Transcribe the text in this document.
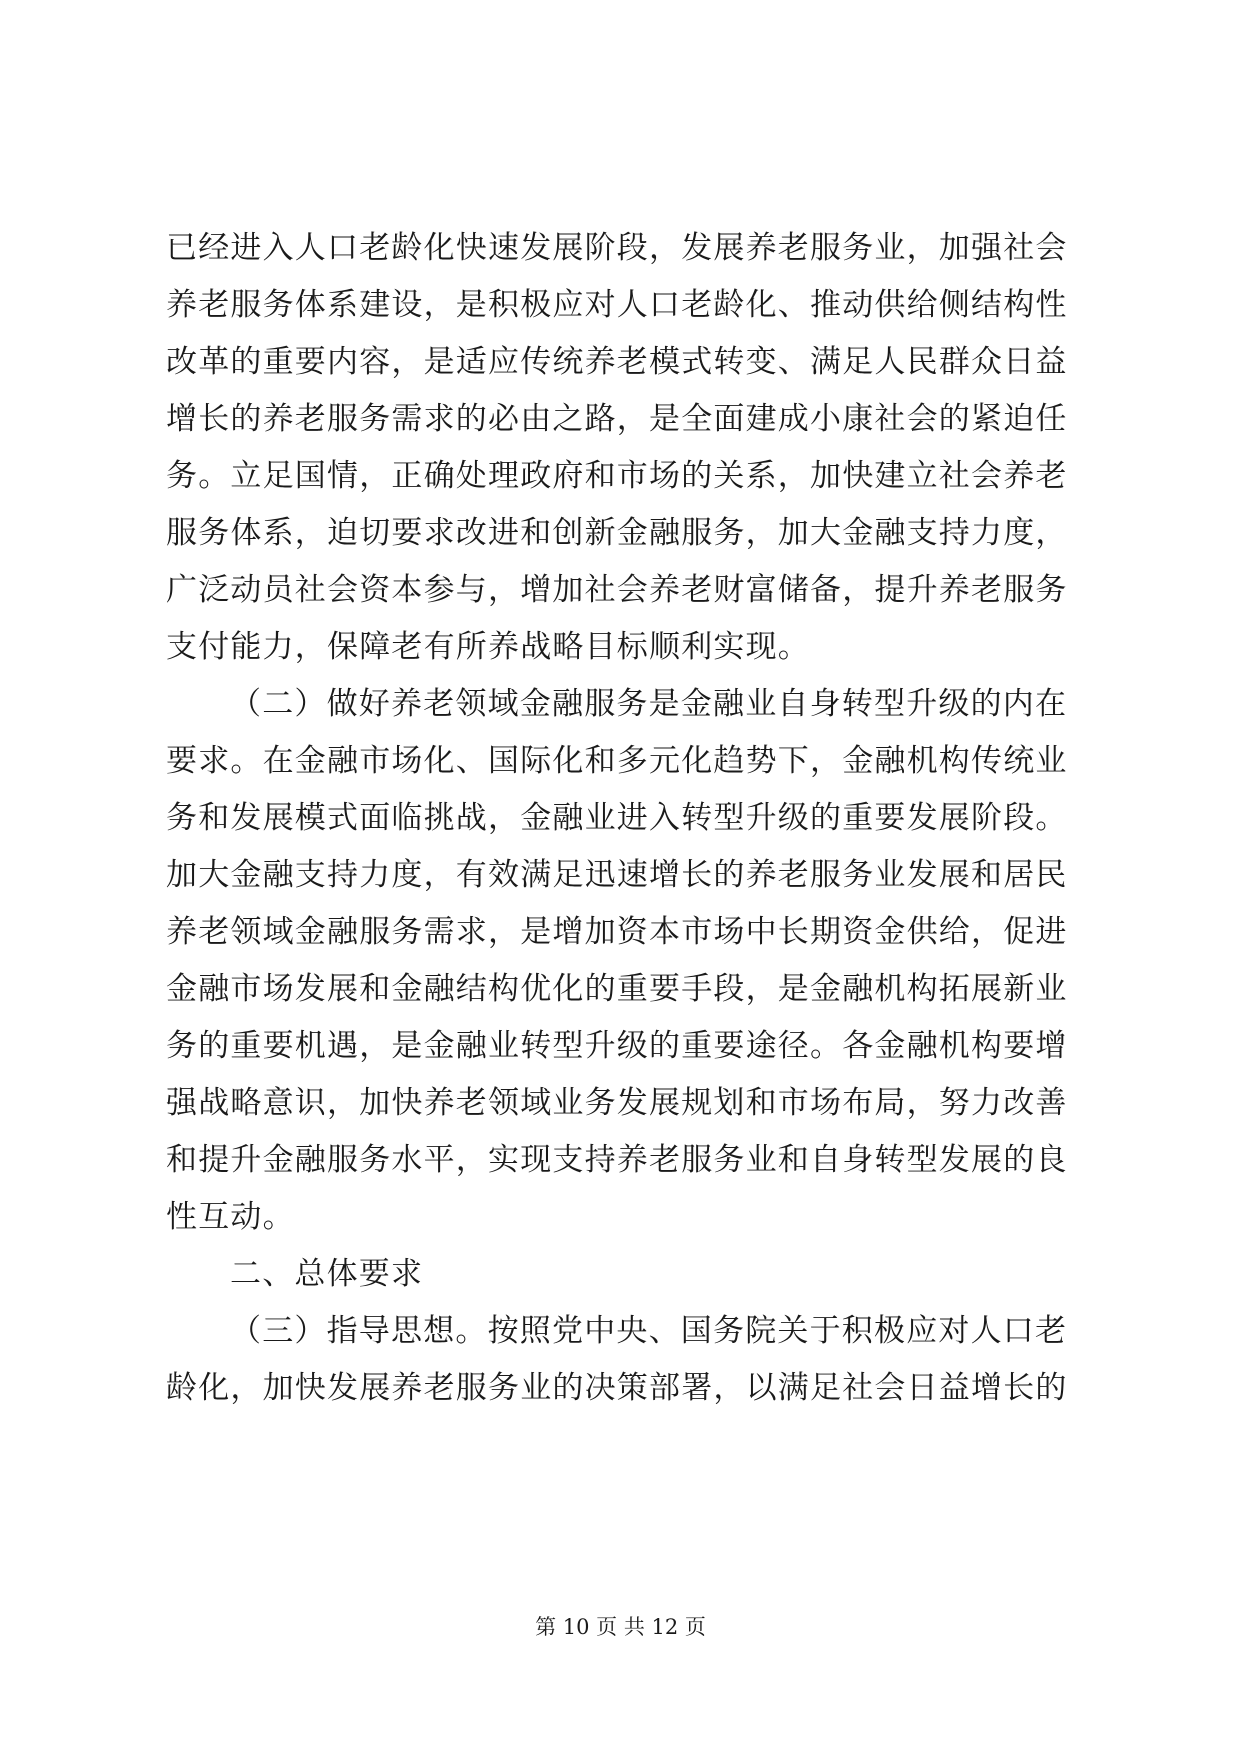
已经进入人口老龄化快速发展阶段，发展养老服务业，加强社会
养老服务体系建设，是积极应对人口老龄化、推动供给侧结构性
改革的重要内容，是适应传统养老模式转变、满足人民群众日益
增长的养老服务需求的必由之路，是全面建成小康社会的紧迫任
务。立足国情，正确处理政府和市场的关系，加快建立社会养老
服务体系，迫切要求改进和创新金融服务，加大金融支持力度，
广泛动员社会资本参与，增加社会养老财富储备，提升养老服务
支付能力，保障老有所养战略目标顺利实现。
（二）做好养老领域金融服务是金融业自身转型升级的内在
要求。在金融市场化、国际化和多元化趋势下，金融机构传统业
务和发展模式面临挑战，金融业进入转型升级的重要发展阶段。
加大金融支持力度，有效满足迅速增长的养老服务业发展和居民
养老领域金融服务需求，是增加资本市场中长期资金供给，促进
金融市场发展和金融结构优化的重要手段，是金融机构拓展新业
务的重要机遇，是金融业转型升级的重要途径。各金融机构要增
强战略意识，加快养老领域业务发展规划和市场布局，努力改善
和提升金融服务水平，实现支持养老服务业和自身转型发展的良
性互动。
二、总体要求
（三）指导思想。按照党中央、国务院关于积极应对人口老
龄化，加快发展养老服务业的决策部署，以满足社会日益增长的
第 10 页 共 12 页
